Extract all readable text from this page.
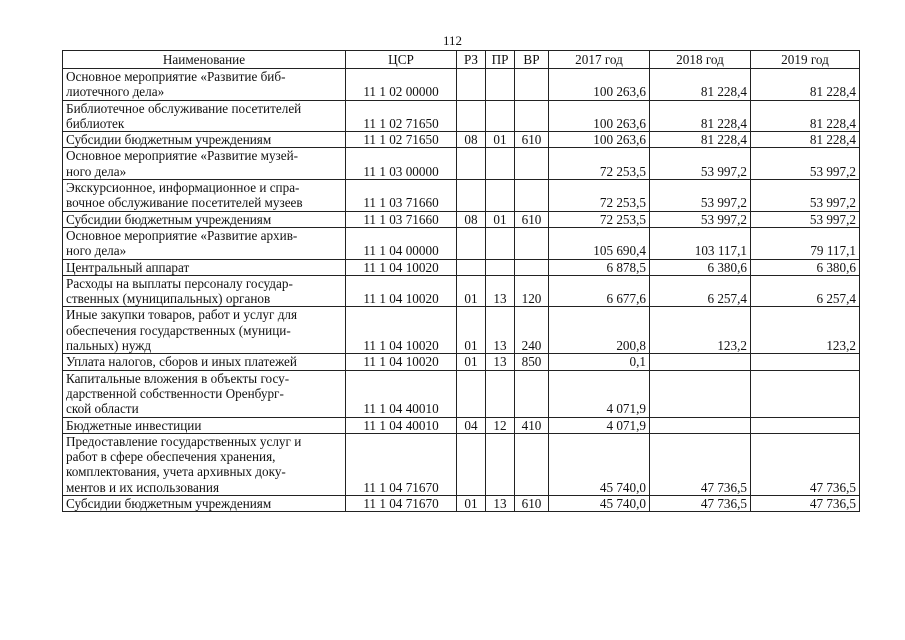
112
Наименование	ЦСР	РЗ	ПР	ВР	2017 год	2018 год	2019 год
Основное мероприятие «Развитие биб-
лиотечного дела»	11 1 02 00000				100 263,6	81 228,4	81 228,4
Библиотечное обслуживание посетителей
библиотек	11 1 02 71650				100 263,6	81 228,4	81 228,4
Субсидии бюджетным учреждениям	11 1 02 71650	08	01	610	100 263,6	81 228,4	81 228,4
Основное мероприятие «Развитие музей-
ного дела»	11 1 03 00000				72 253,5	53 997,2	53 997,2
Экскурсионное, информационное и спра-
вочное обслуживание посетителей музеев	11 1 03 71660				72 253,5	53 997,2	53 997,2
Субсидии бюджетным учреждениям	11 1 03 71660	08	01	610	72 253,5	53 997,2	53 997,2
Основное мероприятие «Развитие архив-
ного дела»	11 1 04 00000				105 690,4	103 117,1	79 117,1
Центральный аппарат	11 1 04 10020				6 878,5	6 380,6	6 380,6
Расходы на выплаты персоналу государ-
ственных (муниципальных) органов	11 1 04 10020	01	13	120	6 677,6	6 257,4	6 257,4
Иные закупки товаров, работ и услуг для
обеспечения государственных (муници-
пальных) нужд	11 1 04 10020	01	13	240	200,8	123,2	123,2
Уплата налогов, сборов и иных платежей	11 1 04 10020	01	13	850	0,1		
Капитальные вложения в объекты госу-
дарственной собственности Оренбург-
ской области	11 1 04 40010				4 071,9		
Бюджетные инвестиции	11 1 04 40010	04	12	410	4 071,9		
Предоставление государственных услуг и
работ в сфере обеспечения хранения,
комплектования, учета архивных доку-
ментов и их использования	11 1 04 71670				45 740,0	47 736,5	47 736,5
Субсидии бюджетным учреждениям	11 1 04 71670	01	13	610	45 740,0	47 736,5	47 736,5
